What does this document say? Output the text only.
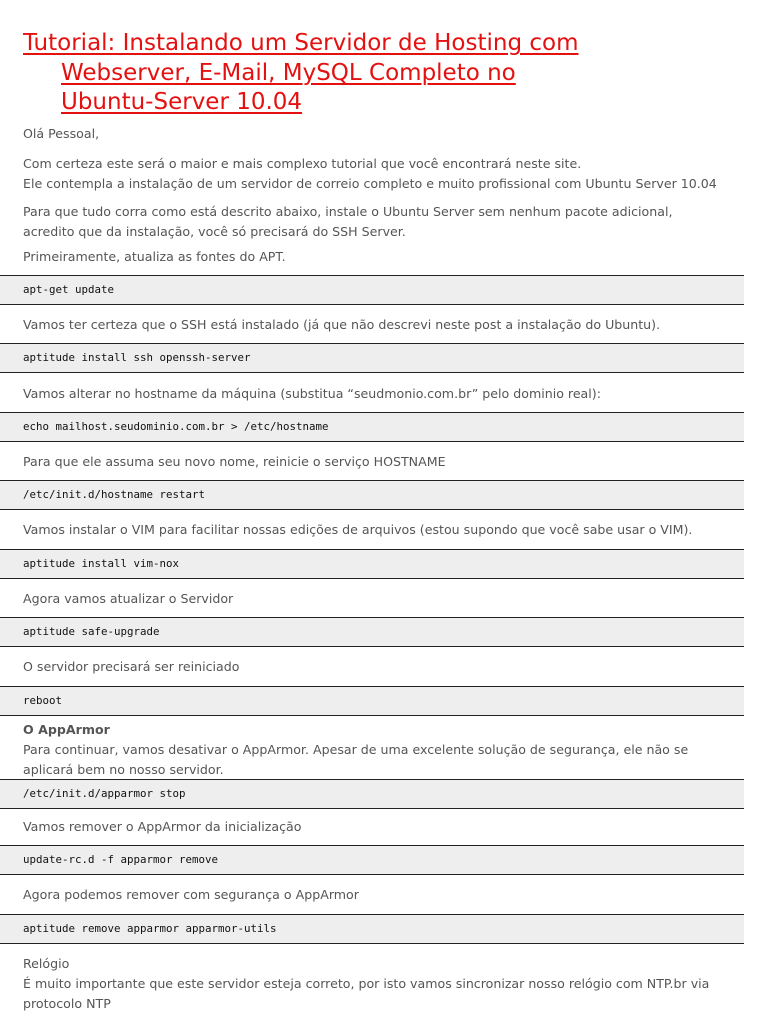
Tutorial: Instalando um Servidor de Hosting com
Webserver, E-Mail, MySQL Completo no
Ubuntu-Server 10.04

Olá Pessoal,

Com certeza este será o maior e mais complexo tutorial que você encontrará neste site.
Ele contempla a instalação de um servidor de correio completo e muito profissional com Ubuntu Server 10.04

Para que tudo corra como está descrito abaixo, instale o Ubuntu Server sem nenhum pacote adicional,
acredito que da instalação, você só precisará do SSH Server.

Primeiramente, atualiza as fontes do APT.

apt-get update

Vamos ter certeza que o SSH está instalado (já que não descrevi neste post a instalação do Ubuntu).

aptitude install ssh openssh-server

Vamos alterar no hostname da máquina (substitua “seudmonio.com.br” pelo dominio real):

echo mailhost.seudominio.com.br > /etc/hostname

Para que ele assuma seu novo nome, reinicie o serviço HOSTNAME

/etc/init.d/hostname restart

Vamos instalar o VIM para facilitar nossas edições de arquivos (estou supondo que você sabe usar o VIM).

aptitude install vim-nox

Agora vamos atualizar o Servidor

aptitude safe-upgrade

O servidor precisará ser reiniciado

reboot

O AppArmor
Para continuar, vamos desativar o AppArmor. Apesar de uma excelente solução de segurança, ele não se
aplicará bem no nosso servidor.

/etc/init.d/apparmor stop

Vamos remover o AppArmor da inicialização

update-rc.d -f apparmor remove

Agora podemos remover com segurança o AppArmor

aptitude remove apparmor apparmor-utils

Relógio
É muito importante que este servidor esteja correto, por isto vamos sincronizar nosso relógio com NTP.br via
protocolo NTP
